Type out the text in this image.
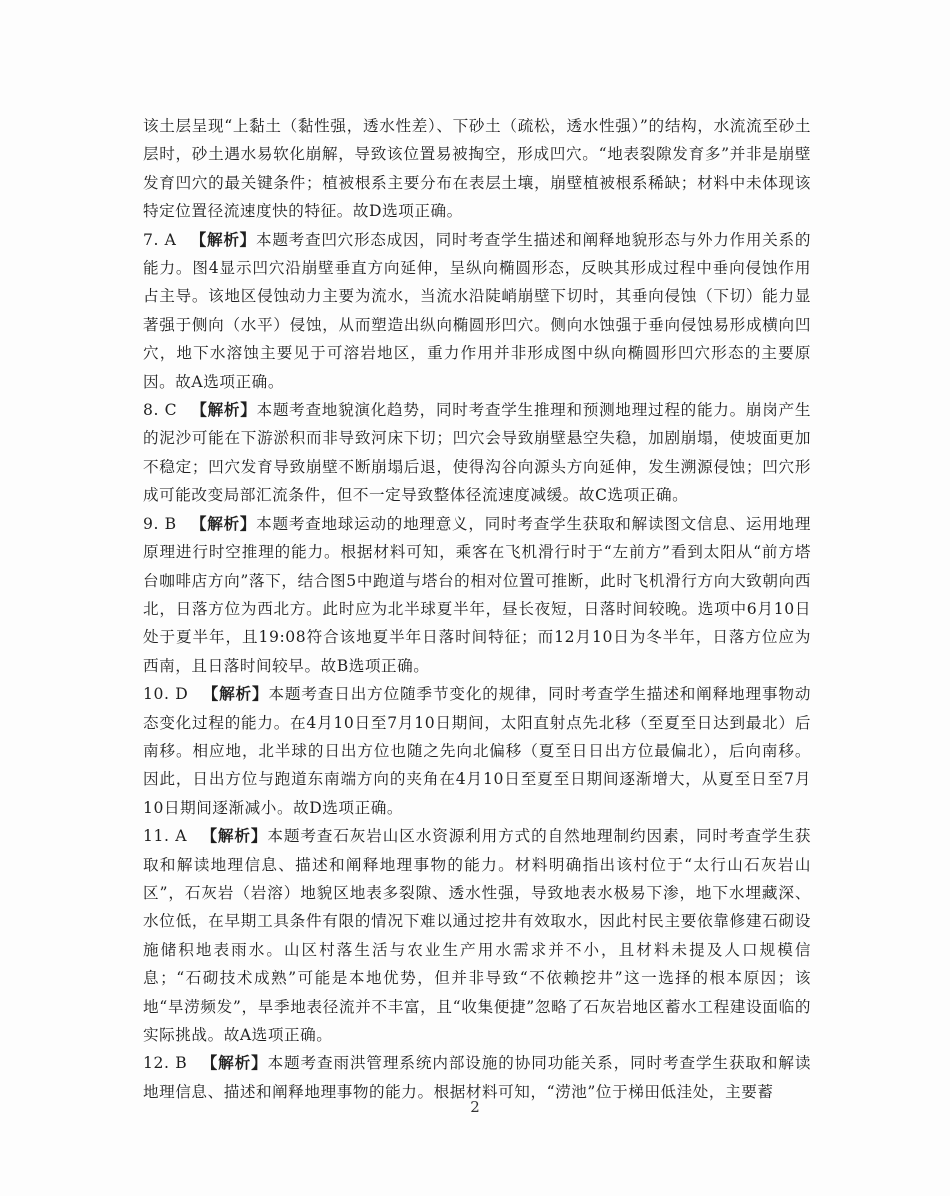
该土层呈现“上黏土（黏性强，透水性差）、下砂土（疏松，透水性强）”的结构，水流流至砂土层时，砂土遇水易软化崩解，导致该位置易被掏空，形成凹穴。“地表裂隙发育多”并非是崩壁发育凹穴的最关键条件；植被根系主要分布在表层土壤，崩壁植被根系稀缺；材料中未体现该特定位置径流速度快的特征。故D选项正确。

7. A 【解析】本题考查凹穴形态成因，同时考查学生描述和阐释地貌形态与外力作用关系的能力。图4显示凹穴沿崩壁垂直方向延伸，呈纵向椭圆形态，反映其形成过程中垂向侵蚀作用占主导。该地区侵蚀动力主要为流水，当流水沿陡峭崩壁下切时，其垂向侵蚀（下切）能力显著强于侧向（水平）侵蚀，从而塑造出纵向椭圆形凹穴。侧向水蚀强于垂向侵蚀易形成横向凹穴，地下水溶蚀主要见于可溶岩地区，重力作用并非形成图中纵向椭圆形凹穴形态的主要原因。故A选项正确。

8. C 【解析】本题考查地貌演化趋势，同时考查学生推理和预测地理过程的能力。崩岗产生的泥沙可能在下游淤积而非导致河床下切；凹穴会导致崩壁悬空失稳，加剧崩塌，使坡面更加不稳定；凹穴发育导致崩壁不断崩塌后退，使得沟谷向源头方向延伸，发生溯源侵蚀；凹穴形成可能改变局部汇流条件，但不一定导致整体径流速度减缓。故C选项正确。

9. B 【解析】本题考查地球运动的地理意义，同时考查学生获取和解读图文信息、运用地理原理进行时空推理的能力。根据材料可知，乘客在飞机滑行时于“左前方”看到太阳从“前方塔台咖啡店方向”落下，结合图5中跑道与塔台的相对位置可推断，此时飞机滑行方向大致朝向西北，日落方位为西北方。此时应为北半球夏半年，昼长夜短，日落时间较晚。选项中6月10日处于夏半年，且19:08符合该地夏半年日落时间特征；而12月10日为冬半年，日落方位应为西南，且日落时间较早。故B选项正确。

10. D 【解析】本题考查日出方位随季节变化的规律，同时考查学生描述和阐释地理事物动态变化过程的能力。在4月10日至7月10日期间，太阳直射点先北移（至夏至日达到最北）后南移。相应地，北半球的日出方位也随之先向北偏移（夏至日日出方位最偏北），后向南移。因此，日出方位与跑道东南端方向的夹角在4月10日至夏至日期间逐渐增大，从夏至日至7月10日期间逐渐减小。故D选项正确。

11. A 【解析】本题考查石灰岩山区水资源利用方式的自然地理制约因素，同时考查学生获取和解读地理信息、描述和阐释地理事物的能力。材料明确指出该村位于“太行山石灰岩山区”，石灰岩（岩溶）地貌区地表多裂隙、透水性强，导致地表水极易下渗，地下水埋藏深、水位低，在早期工具条件有限的情况下难以通过挖井有效取水，因此村民主要依靠修建石砌设施储积地表雨水。山区村落生活与农业生产用水需求并不小，且材料未提及人口规模信息；“石砌技术成熟”可能是本地优势，但并非导致“不依赖挖井”这一选择的根本原因；该地“旱涝频发”，旱季地表径流并不丰富，且“收集便捷”忽略了石灰岩地区蓄水工程建设面临的实际挑战。故A选项正确。

12. B 【解析】本题考查雨洪管理系统内部设施的协同功能关系，同时考查学生获取和解读地理信息、描述和阐释地理事物的能力。根据材料可知，“涝池”位于梯田低洼处，主要蓄

2
